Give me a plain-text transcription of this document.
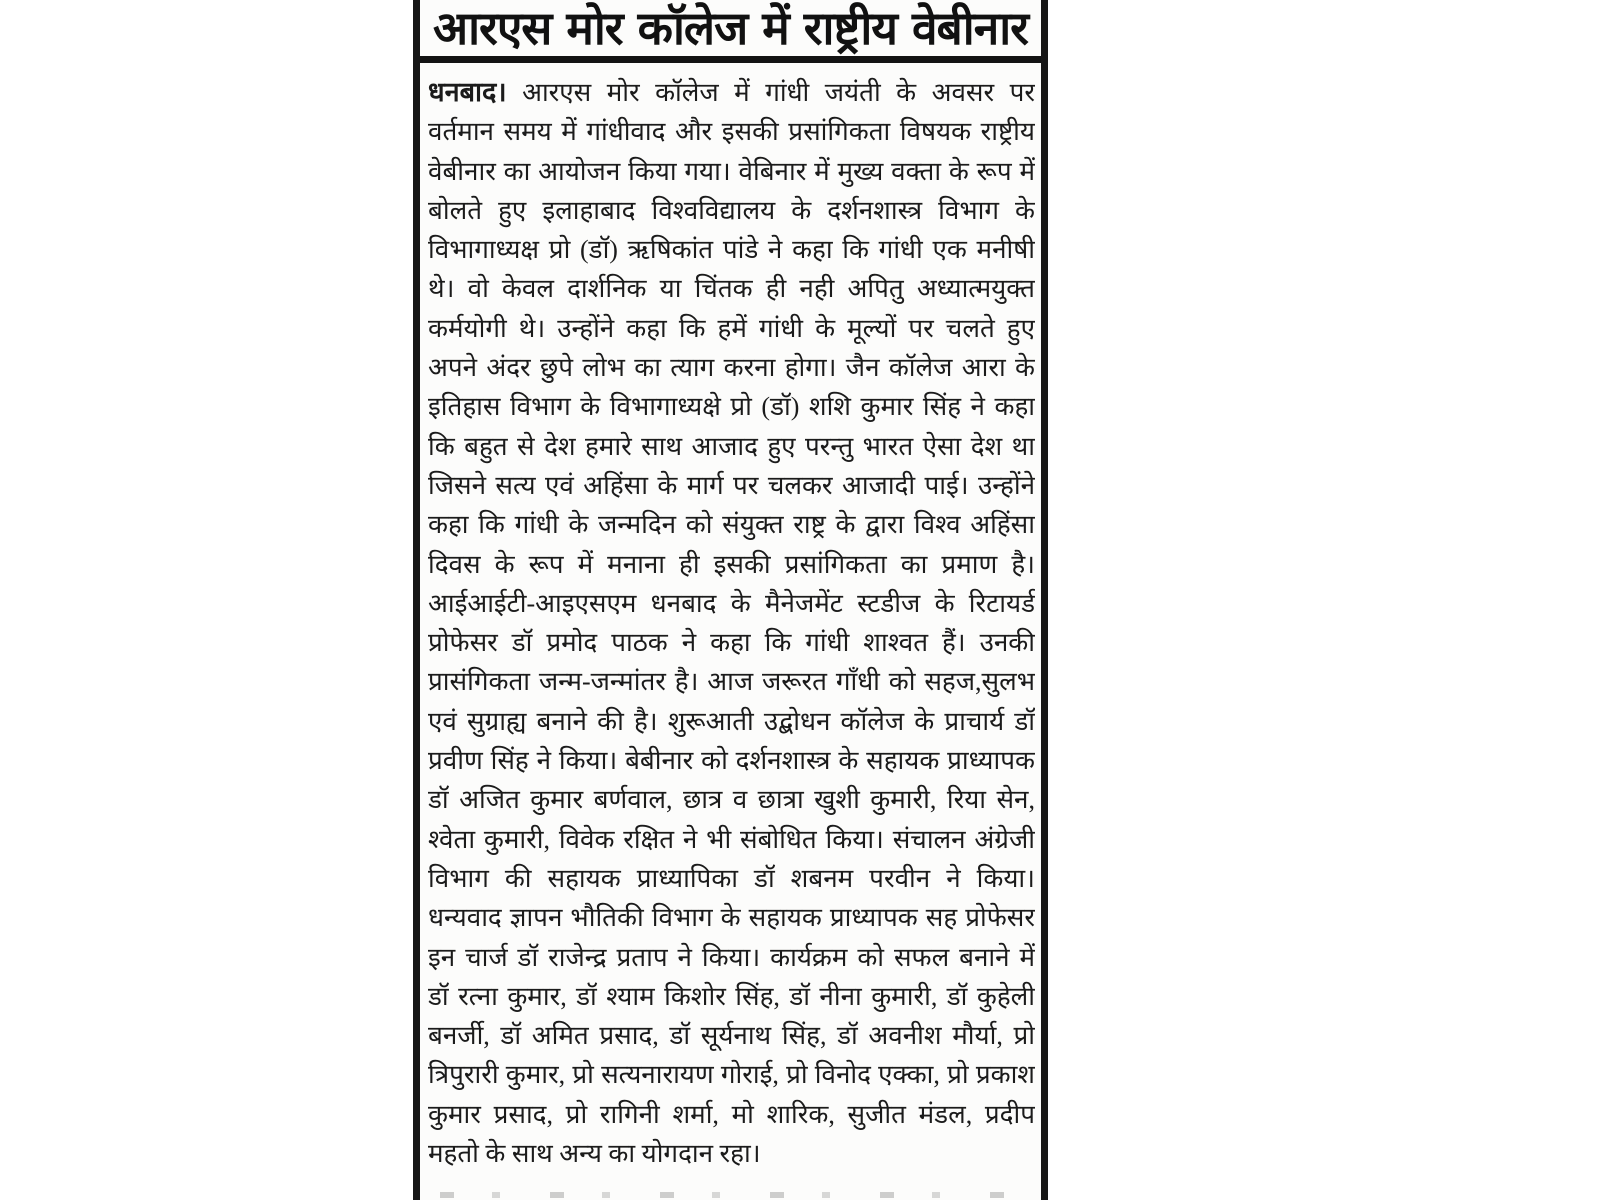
आरएस मोर कॉलेज में राष्ट्रीय वेबीनार
धनबाद। आरएस मोर कॉलेज में गांधी जयंती के अवसर पर
वर्तमान समय में गांधीवाद और इसकी प्रसांगिकता विषयक राष्ट्रीय
वेबीनार का आयोजन किया गया। वेबिनार में मुख्य वक्ता के रूप में
बोलते हुए इलाहाबाद विश्वविद्यालय के दर्शनशास्त्र विभाग के
विभागाध्यक्ष प्रो (डॉ) ऋषिकांत पांडे ने कहा कि गांधी एक मनीषी
थे। वो केवल दार्शनिक या चिंतक ही नही अपितु अध्यात्मयुक्त
कर्मयोगी थे। उन्होंने कहा कि हमें गांधी के मूल्यों पर चलते हुए
अपने अंदर छुपे लोभ का त्याग करना होगा। जैन कॉलेज आरा के
इतिहास विभाग के विभागाध्यक्षे प्रो (डॉ) शशि कुमार सिंह ने कहा
कि बहुत से देश हमारे साथ आजाद हुए परन्तु भारत ऐसा देश था
जिसने सत्य एवं अहिंसा के मार्ग पर चलकर आजादी पाई। उन्होंने
कहा कि गांधी के जन्मदिन को संयुक्त राष्ट्र के द्वारा विश्व अहिंसा
दिवस के रूप में मनाना ही इसकी प्रसांगिकता का प्रमाण है।
आईआईटी-आइएसएम धनबाद के मैनेजमेंट स्टडीज के रिटायर्ड
प्रोफेसर डॉ प्रमोद पाठक ने कहा कि गांधी शाश्वत हैं। उनकी
प्रासंगिकता जन्म-जन्मांतर है। आज जरूरत गाँधी को सहज,सुलभ
एवं सुग्राह्य बनाने की है। शुरूआती उद्बोधन कॉलेज के प्राचार्य डॉ
प्रवीण सिंह ने किया। बेबीनार को दर्शनशास्त्र के सहायक प्राध्यापक
डॉ अजित कुमार बर्णवाल, छात्र व छात्रा खुशी कुमारी, रिया सेन,
श्वेता कुमारी, विवेक रक्षित ने भी संबोधित किया। संचालन अंग्रेजी
विभाग की सहायक प्राध्यापिका डॉ शबनम परवीन ने किया।
धन्यवाद ज्ञापन भौतिकी विभाग के सहायक प्राध्यापक सह प्रोफेसर
इन चार्ज डॉ राजेन्द्र प्रताप ने किया। कार्यक्रम को सफल बनाने में
डॉ रत्ना कुमार, डॉ श्याम किशोर सिंह, डॉ नीना कुमारी, डॉ कुहेली
बनर्जी, डॉ अमित प्रसाद, डॉ सूर्यनाथ सिंह, डॉ अवनीश मौर्या, प्रो
त्रिपुरारी कुमार, प्रो सत्यनारायण गोराई, प्रो विनोद एक्का, प्रो प्रकाश
कुमार प्रसाद, प्रो रागिनी शर्मा, मो शारिक, सुजीत मंडल, प्रदीप
महतो के साथ अन्य का योगदान रहा।
